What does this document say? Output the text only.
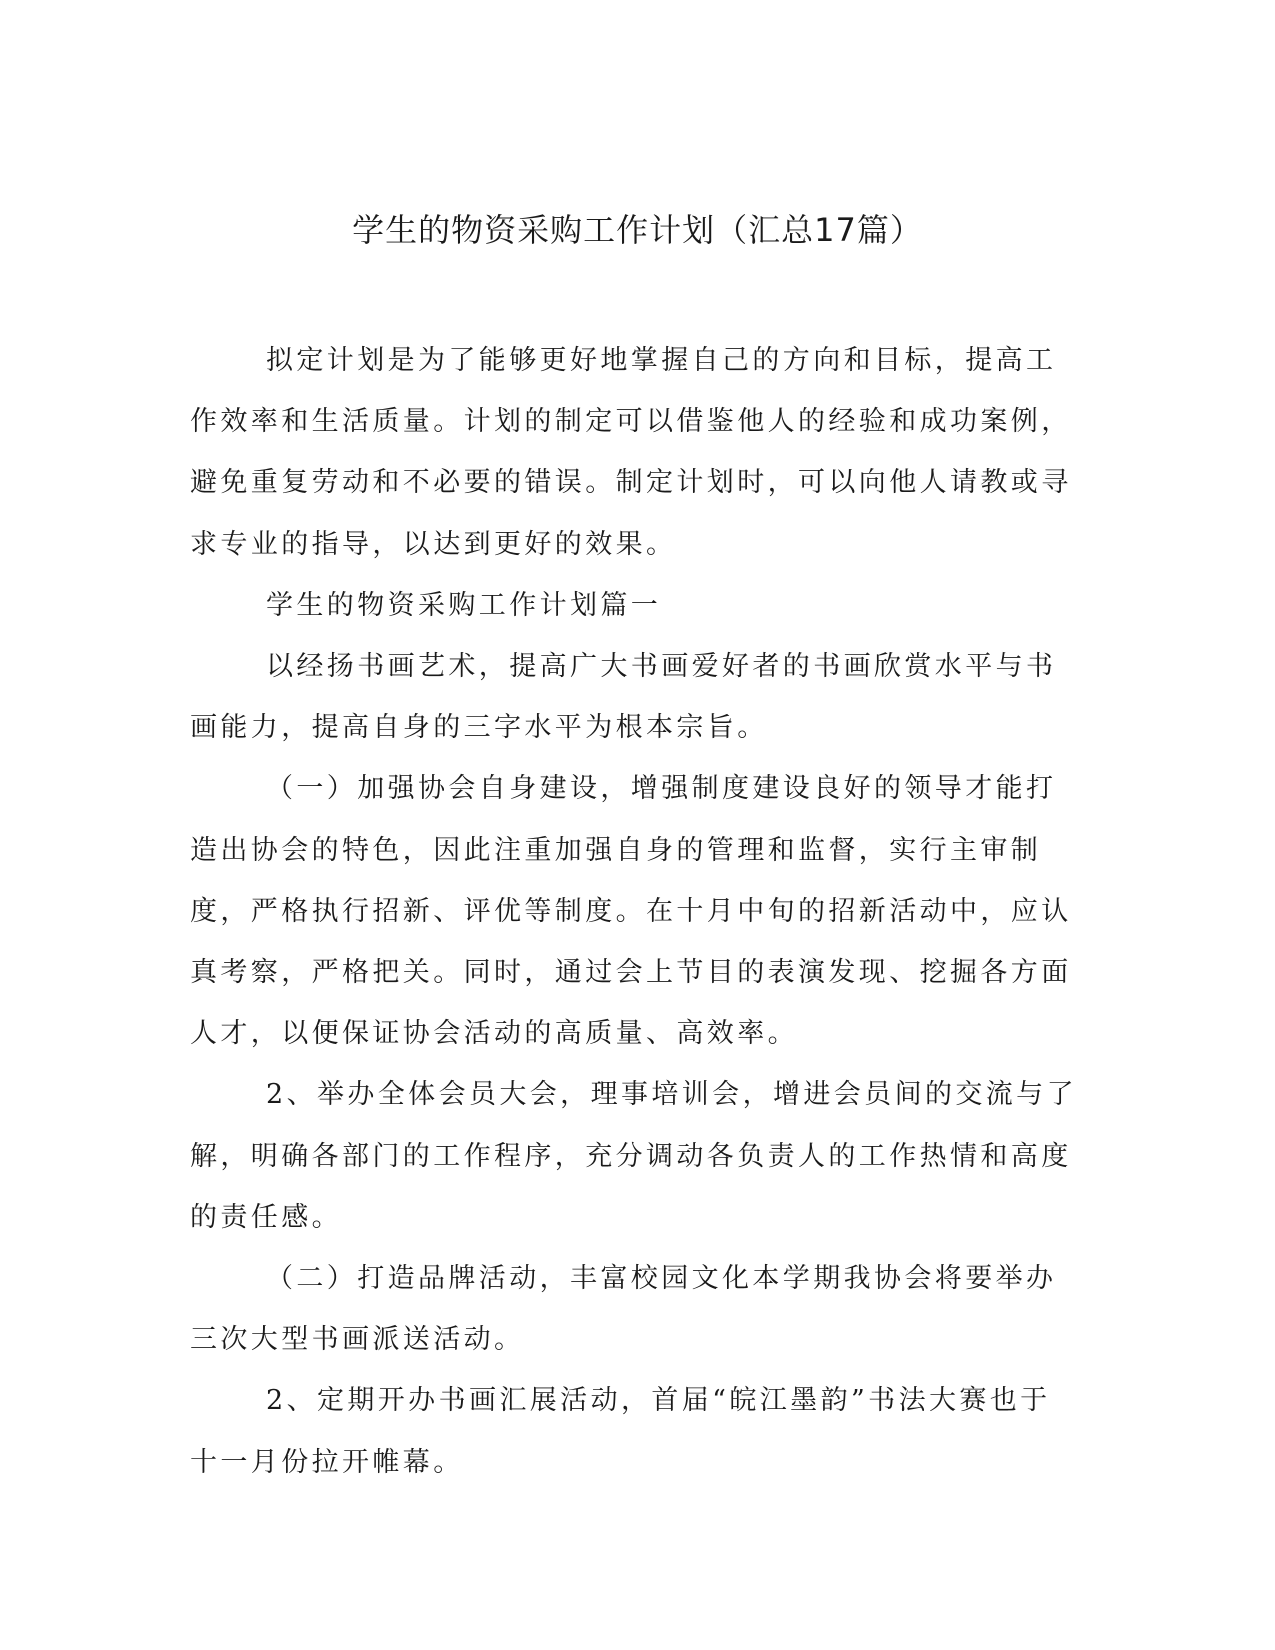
学生的物资采购工作计划（汇总17篇）

拟定计划是为了能够更好地掌握自己的方向和目标，提高工作效率和生活质量。计划的制定可以借鉴他人的经验和成功案例，避免重复劳动和不必要的错误。制定计划时，可以向他人请教或寻求专业的指导，以达到更好的效果。

学生的物资采购工作计划篇一

以经扬书画艺术，提高广大书画爱好者的书画欣赏水平与书画能力，提高自身的三字水平为根本宗旨。

（一）加强协会自身建设，增强制度建设良好的领导才能打造出协会的特色，因此注重加强自身的管理和监督，实行主审制度，严格执行招新、评优等制度。在十月中旬的招新活动中，应认真考察，严格把关。同时，通过会上节目的表演发现、挖掘各方面人才，以便保证协会活动的高质量、高效率。

2、举办全体会员大会，理事培训会，增进会员间的交流与了解，明确各部门的工作程序，充分调动各负责人的工作热情和高度的责任感。

（二）打造品牌活动，丰富校园文化本学期我协会将要举办三次大型书画派送活动。

2、定期开办书画汇展活动，首届“皖江墨韵”书法大赛也于十一月份拉开帷幕。
